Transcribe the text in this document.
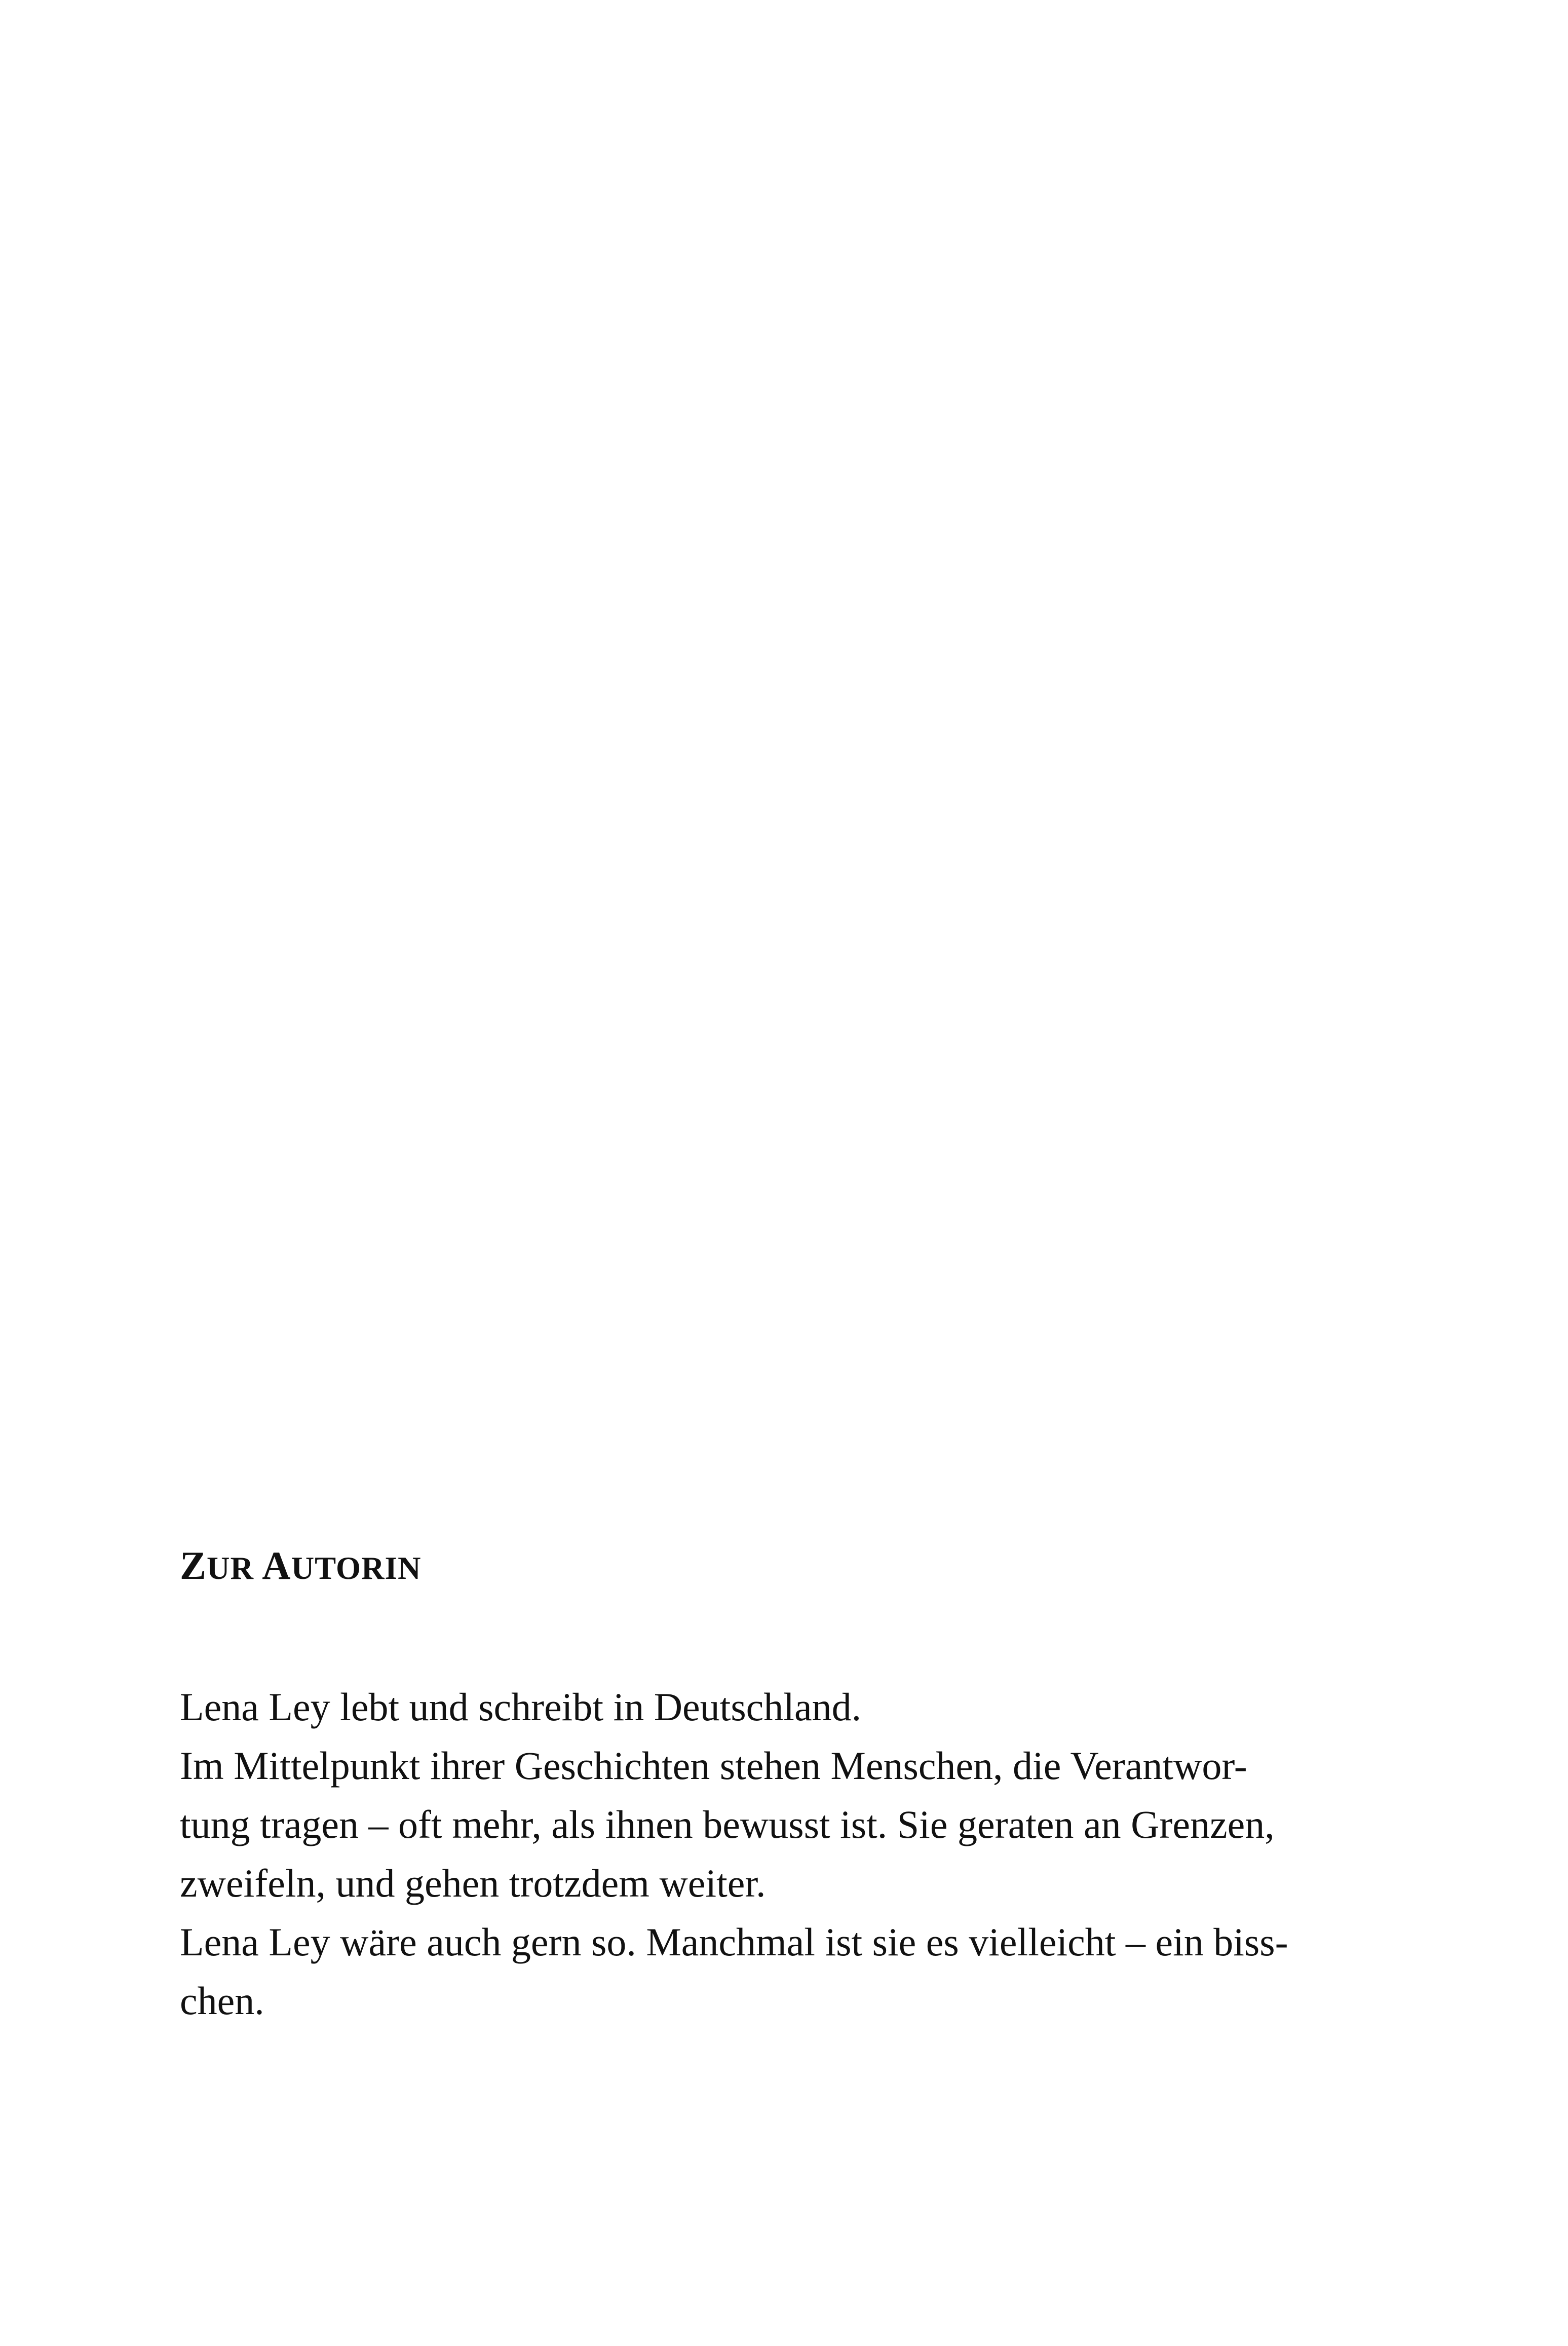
ZUR AUTORIN

Lena Ley lebt und schreibt in Deutschland.

Im Mittelpunkt ihrer Geschichten stehen Menschen, die Verantwor-

tung tragen – oft mehr, als ihnen bewusst ist. Sie geraten an Grenzen,

zweifeln, und gehen trotzdem weiter.

Lena Ley wäre auch gern so. Manchmal ist sie es vielleicht – ein biss-

chen.
